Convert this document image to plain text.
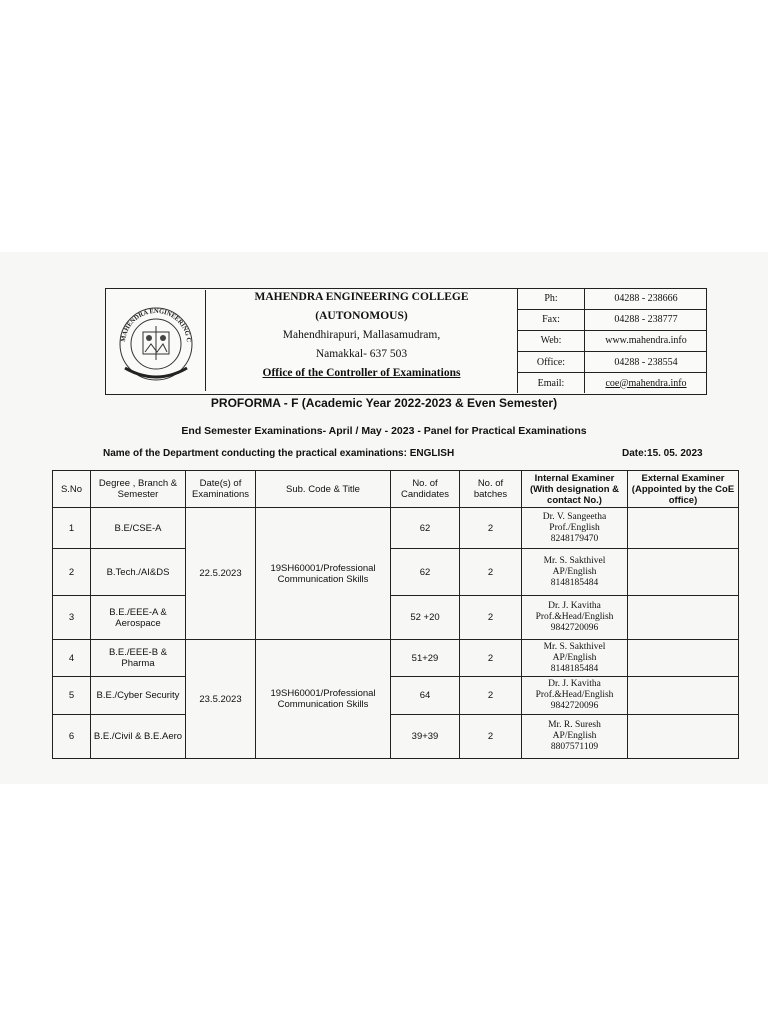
MAHENDRA ENGINEERING C
MAHENDRA ENGINEERING COLLEGE
(AUTONOMOUS)
Mahendhirapuri, Mallasamudram,
Namakkal- 637 503
Office of the Controller of Examinations
Ph:	04288 - 238666
Fax:	04288 - 238777
Web:	www.mahendra.info
Office:	04288 - 238554
Email:	coe@mahendra.info
PROFORMA - F (Academic Year 2022-2023 & Even Semester)
End Semester Examinations- April / May - 2023 - Panel for Practical Examinations
Name of the Department conducting the practical examinations: ENGLISH	Date:15. 05. 2023
S.No	Degree , Branch & Semester	Date(s) of Examinations	Sub. Code & Title	No. of Candidates	No. of batches	Internal Examiner (With designation & contact No.)	External Examiner (Appointed by the CoE office)
1	B.E/CSE-A	22.5.2023	19SH60001/Professional Communication Skills	62	2	Dr. V. Sangeetha
Prof./English
8248179470	

2	B.Tech./AI&DS			62	2	Mr. S. Sakthivel
AP/English
8148185484	

3	B.E./EEE-A & Aerospace			52 +20	2	Dr. J. Kavitha
Prof.&Head/English
9842720096	

4	B.E./EEE-B & Pharma	23.5.2023	19SH60001/Professional Communication Skills	51+29	2	Mr. S. Sakthivel
AP/English
8148185484	

5	B.E./Cyber Security			64	2	Dr. J. Kavitha
Prof.&Head/English
9842720096	

6	B.E./Civil & B.E.Aero			39+39	2	Mr. R. Suresh
AP/English
8807571109	
